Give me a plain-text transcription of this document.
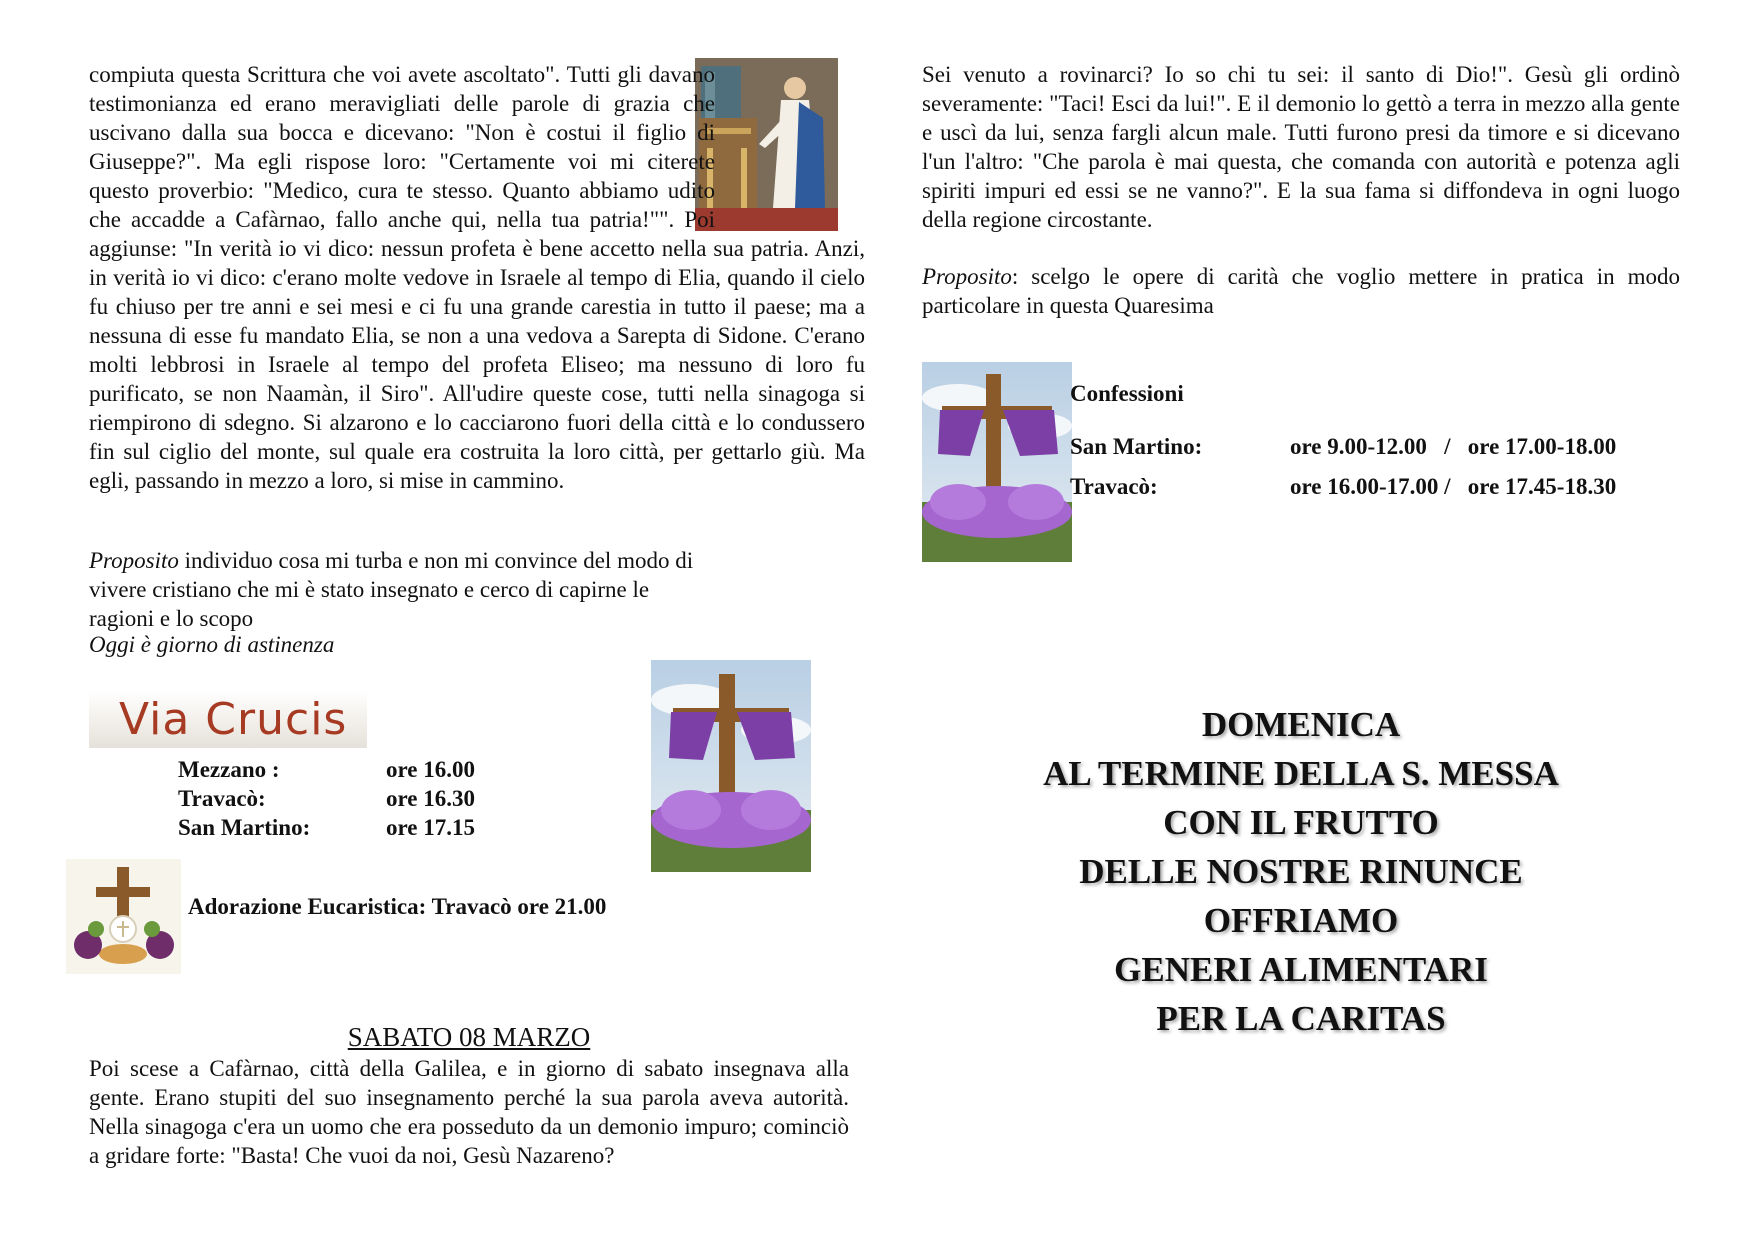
compiuta questa Scrittura che voi avete ascoltato". Tutti gli davano testimonianza ed erano meravigliati delle parole di grazia che uscivano dalla sua bocca e dicevano: "Non è costui il figlio di Giuseppe?". Ma egli rispose loro: "Certamente voi mi citerete questo proverbio: "Medico, cura te stesso. Quanto abbiamo udito che accadde a Cafàrnao, fallo anche qui, nella tua patria!"". Poi aggiunse: "In verità io vi dico: nessun profeta è bene accetto nella sua patria. Anzi, in verità io vi dico: c'erano molte vedove in Israele al tempo di Elia, quando il cielo fu chiuso per tre anni e sei mesi e ci fu una grande carestia in tutto il paese; ma a nessuna di esse fu mandato Elia, se non a una vedova a Sarepta di Sidone. C'erano molti lebbrosi in Israele al tempo del profeta Eliseo; ma nessuno di loro fu purificato, se non Naamàn, il Siro". All'udire queste cose, tutti nella sinagoga si riempirono di sdegno. Si alzarono e lo cacciarono fuori della città e lo condussero fin sul ciglio del monte, sul quale era costruita la loro città, per gettarlo giù. Ma egli, passando in mezzo a loro, si mise in cammino.

Proposito individuo cosa mi turba e non mi convince del modo di vivere cristiano che mi è stato insegnato e cerco di capirne le ragioni e lo scopo

Oggi è giorno di astinenza
Via Crucis
Mezzano :	ore 16.00
Travacò:	ore 16.30
San Martino:	ore 17.15
Adorazione Eucaristica: Travacò ore 21.00
SABATO 08 MARZO
Poi scese a Cafàrnao, città della Galilea, e in giorno di sabato insegnava alla gente. Erano stupiti del suo insegnamento perché la sua parola aveva autorità. Nella sinagoga c'era un uomo che era posseduto da un demonio impuro; cominciò a gridare forte: "Basta! Che vuoi da noi, Gesù Nazareno?

Sei venuto a rovinarci? Io so chi tu sei: il santo di Dio!". Gesù gli ordinò severamente: "Taci! Esci da lui!". E il demonio lo gettò a terra in mezzo alla gente e uscì da lui, senza fargli alcun male. Tutti furono presi da timore e si dicevano l'un l'altro: "Che parola è mai questa, che comanda con autorità e potenza agli spiriti impuri ed essi se ne vanno?". E la sua fama si diffondeva in ogni luogo della regione circostante.

Proposito: scelgo le opere di carità che voglio mettere in pratica in modo particolare in questa Quaresima

Confessioni
San Martino:	ore 9.00-12.00   /   ore 17.00-18.00
Travacò:	ore 16.00-17.00 /   ore 17.45-18.30
DOMENICA
AL TERMINE DELLA S. MESSA
CON IL FRUTTO
DELLE NOSTRE RINUNCE
OFFRIAMO
GENERI ALIMENTARI
PER LA CARITAS
